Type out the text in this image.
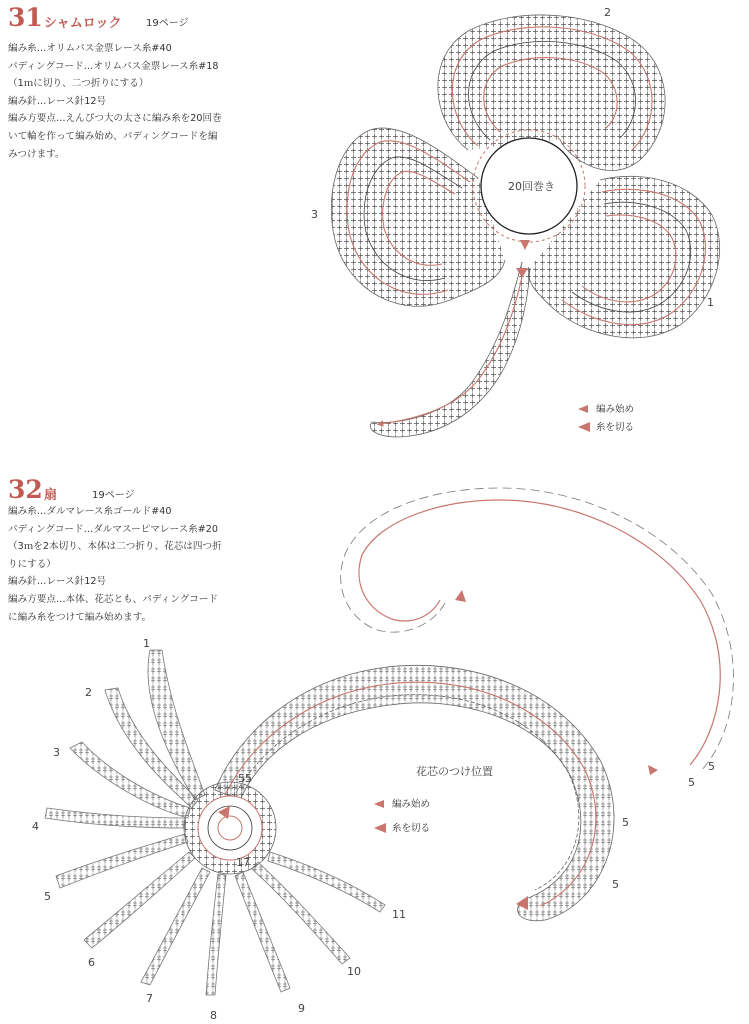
31 シャムロック 19ページ
編み糸…オリムパス金票レース糸#40
パディングコード…オリムパス金票レース糸#18
（1ｍに切り、二つ折りにする）
編み針…レース針12号
編み方要点…えんぴつ大の太さに編み糸を20回巻
いて輪を作って編み始め、パディングコードを編
みつけます。
32 扇	19ページ
編み糸…ダルマレース糸ゴールド#40
パディングコード…ダルマスーピマレース糸#20
（3ｍを2本切り、本体は二つ折り、花芯は四つ折
りにする）
編み針…レース針12号
編み方要点…本体、花芯とも、パディングコード
に編み糸をつけて編み始めます。
20回巻き
2
3
1
編み始め
糸を切る
花芯のつけ位置
55
17
1
2
3
4
5
6
7
8
9
10
11
5
5
5
5
編み始め
糸を切る
